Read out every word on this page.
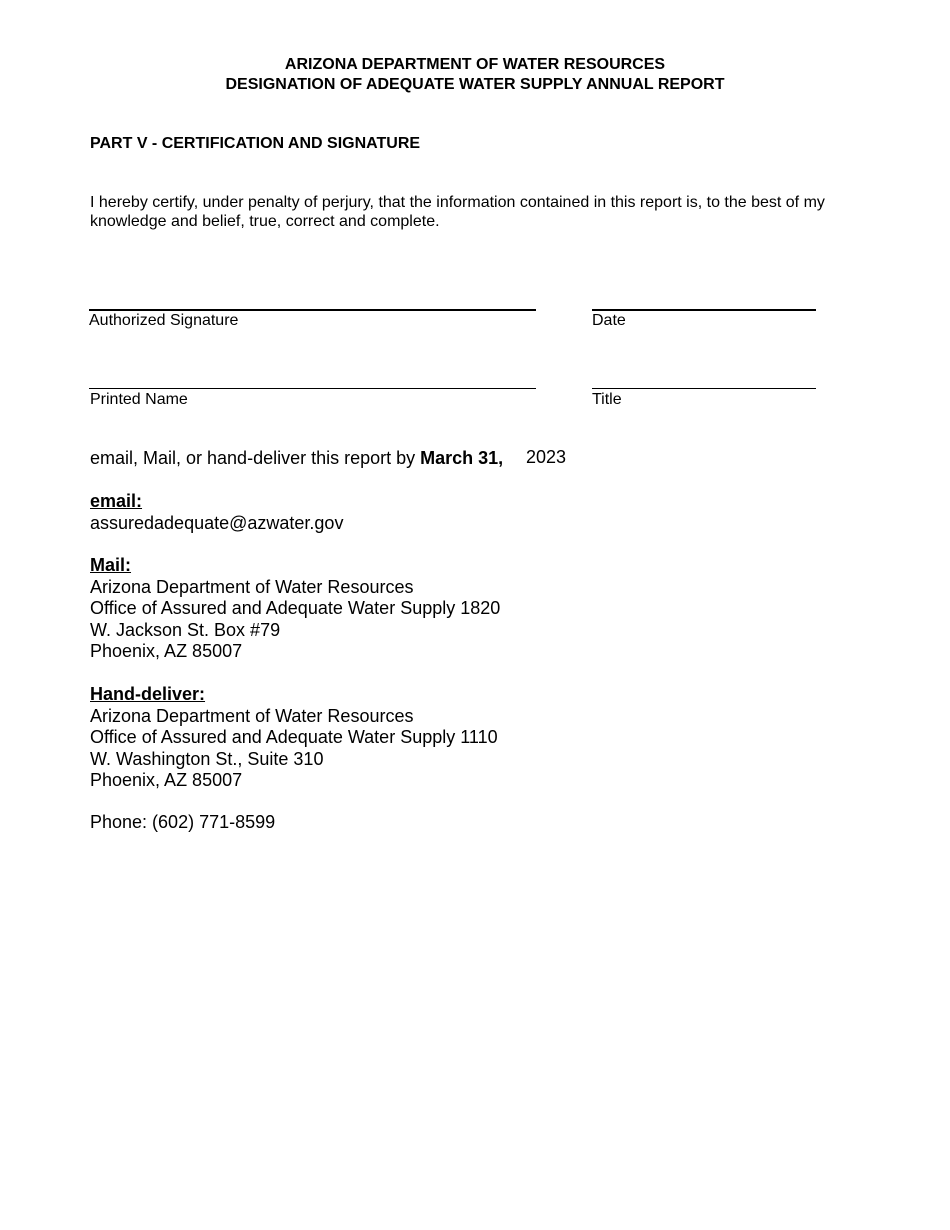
ARIZONA DEPARTMENT OF WATER RESOURCES
DESIGNATION OF ADEQUATE WATER SUPPLY ANNUAL REPORT
PART V - CERTIFICATION AND SIGNATURE
I hereby certify, under penalty of perjury, that the information contained in this report is, to the best of my knowledge and belief, true, correct and complete.
Authorized Signature	Date
Printed Name	Title
email, Mail, or hand-deliver this report by March 31, 2023
email:
assuredadequate@azwater.gov
Mail:
Arizona Department of Water Resources
Office of Assured and Adequate Water Supply 1820
W. Jackson St. Box #79
Phoenix, AZ 85007
Hand-deliver:
Arizona Department of Water Resources
Office of Assured and Adequate Water Supply 1110
W. Washington St., Suite 310
Phoenix, AZ 85007
Phone: (602) 771-8599
